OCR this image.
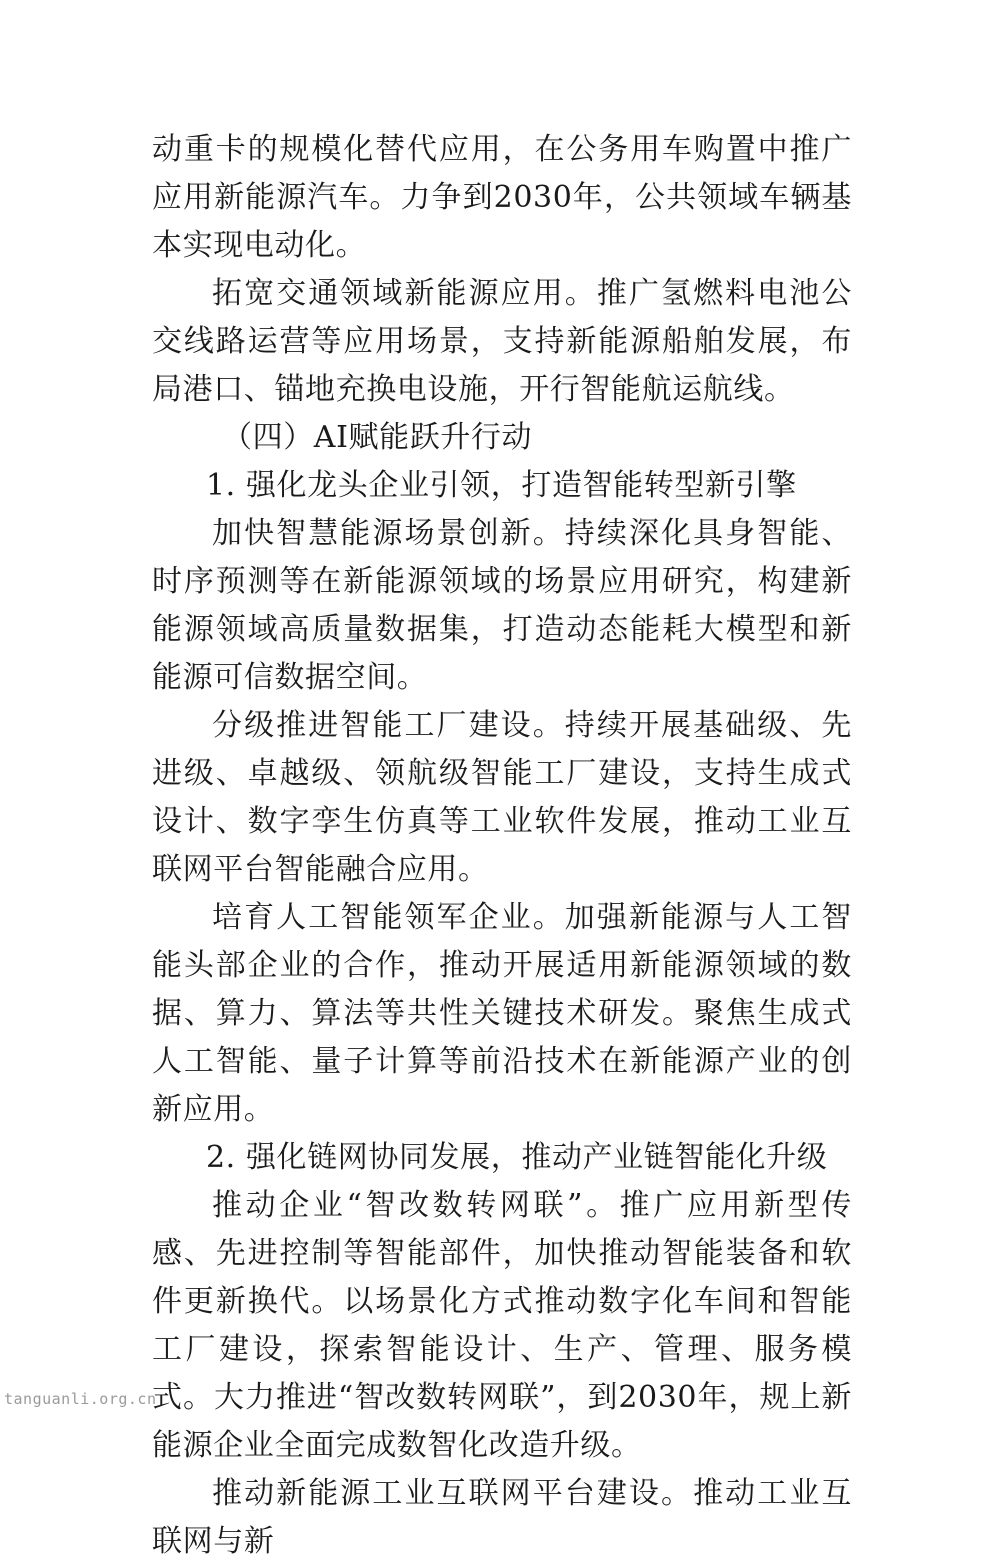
动重卡的规模化替代应用，在公务用车购置中推广应用新能源汽车。力争到2030年，公共领域车辆基本实现电动化。

拓宽交通领域新能源应用。推广氢燃料电池公交线路运营等应用场景，支持新能源船舶发展，布局港口、锚地充换电设施，开行智能航运航线。

（四）AI赋能跃升行动

1. 强化龙头企业引领，打造智能转型新引擎

加快智慧能源场景创新。持续深化具身智能、时序预测等在新能源领域的场景应用研究，构建新能源领域高质量数据集，打造动态能耗大模型和新能源可信数据空间。

分级推进智能工厂建设。持续开展基础级、先进级、卓越级、领航级智能工厂建设，支持生成式设计、数字孪生仿真等工业软件发展，推动工业互联网平台智能融合应用。

培育人工智能领军企业。加强新能源与人工智能头部企业的合作，推动开展适用新能源领域的数据、算力、算法等共性关键技术研发。聚焦生成式人工智能、量子计算等前沿技术在新能源产业的创新应用。

2. 强化链网协同发展，推动产业链智能化升级

推动企业“智改数转网联”。推广应用新型传感、先进控制等智能部件，加快推动智能装备和软件更新换代。以场景化方式推动数字化车间和智能工厂建设，探索智能设计、生产、管理、服务模式。大力推进“智改数转网联”，到2030年，规上新能源企业全面完成数智化改造升级。

推动新能源工业互联网平台建设。推动工业互联网与新

tanguanli.org.cn
